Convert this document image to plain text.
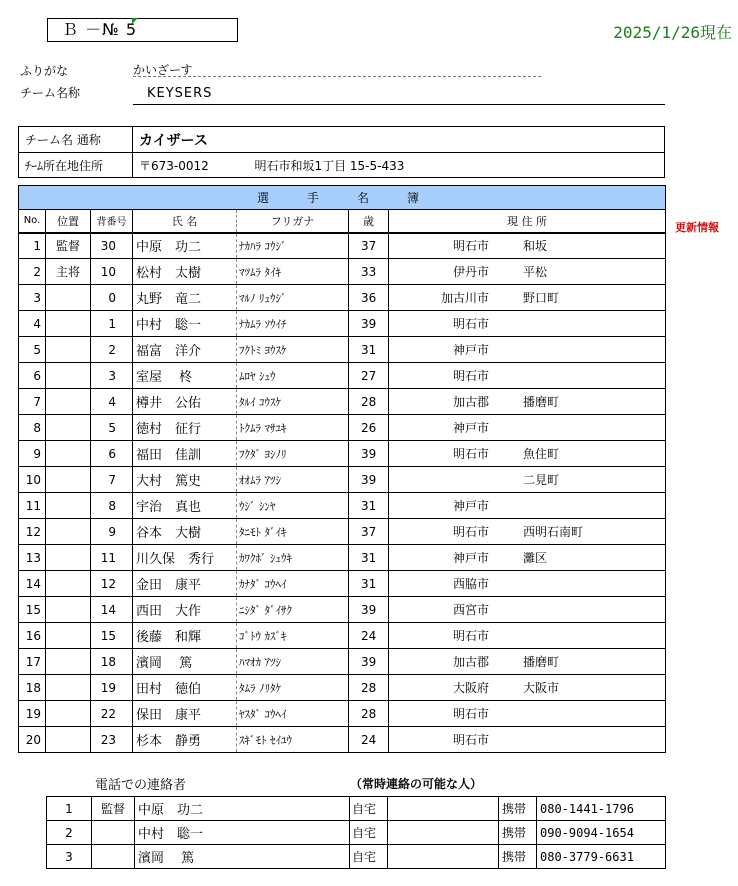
Ｂ －№ 5	2025/1/26現在
ふりがな	かいざーす
チーム名称	KEYSERS
チーム名 通称	カイザース
ﾁｰﾑ所在地住所	〒673-0012 明石市和坂1丁目 15-5-433
選手名簿						
No.	位置	背番号	氏 名	フリガナ	歳	現 住 所
1	監督	30	中原　功二	ﾅｶﾊﾗ ｺｳｼﾞ	37	明石市 和坂
2	主将	10	松村　太樹	ﾏﾂﾑﾗ ﾀｲｷ	33	伊丹市 平松
3		0	丸野　竜二	ﾏﾙﾉ ﾘｭｳｼﾞ	36	加古川市 野口町
4		1	中村　聡一	ﾅｶﾑﾗ ｿｳｲﾁ	39	明石市
5		2	福富　洋介	ﾌｸﾄﾐ ﾖｳｽｹ	31	神戸市
6		3	室屋　 柊	ﾑﾛﾔ ｼｭｳ	27	明石市
7		4	樽井　公佑	ﾀﾙｲ ｺｳｽｹ	28	加古郡 播磨町
8		5	徳村　征行	ﾄｸﾑﾗ ﾏｻﾕｷ	26	神戸市
9		6	福田　佳訓	ﾌｸﾀﾞ ﾖｼﾉﾘ	39	明石市 魚住町
10		7	大村　篤史	ｵｵﾑﾗ ｱﾂｼ	39	二見町
11		8	宇治　真也	ｳｼﾞ ｼﾝﾔ	31	神戸市
12		9	谷本　大樹	ﾀﾆﾓﾄ ﾀﾞｲｷ	37	明石市 西明石南町
13		11	川久保　秀行	ｶﾜｸﾎﾞ ｼｭｳｷ	31	神戸市 灘区
14		12	金田　康平	ｶﾅﾀﾞ ｺｳﾍｲ	31	西脇市
15		14	西田　大作	ﾆｼﾀﾞ ﾀﾞｲｻｸ	39	西宮市
16		15	後藤　和輝	ｺﾞﾄｳ ｶｽﾞｷ	24	明石市
17		18	濱岡　 篤	ﾊﾏｵｶ ｱﾂｼ	39	加古郡 播磨町
18		19	田村　徳伯	ﾀﾑﾗ ﾉﾘﾀｹ	28	大阪府 大阪市
19		22	保田　康平	ﾔｽﾀﾞ ｺｳﾍｲ	28	明石市
20		23	杉本　静勇	ｽｷﾞﾓﾄ ｾｲﾕｳ	24	明石市
更新情報
電話での連絡者	（常時連絡の可能な人）
1	監督	中原　功二	自宅		携帯	080-1441-1796
2		中村　聡一	自宅		携帯	090-9094-1654
3		濱岡　 篤	自宅		携帯	080-3779-6631
